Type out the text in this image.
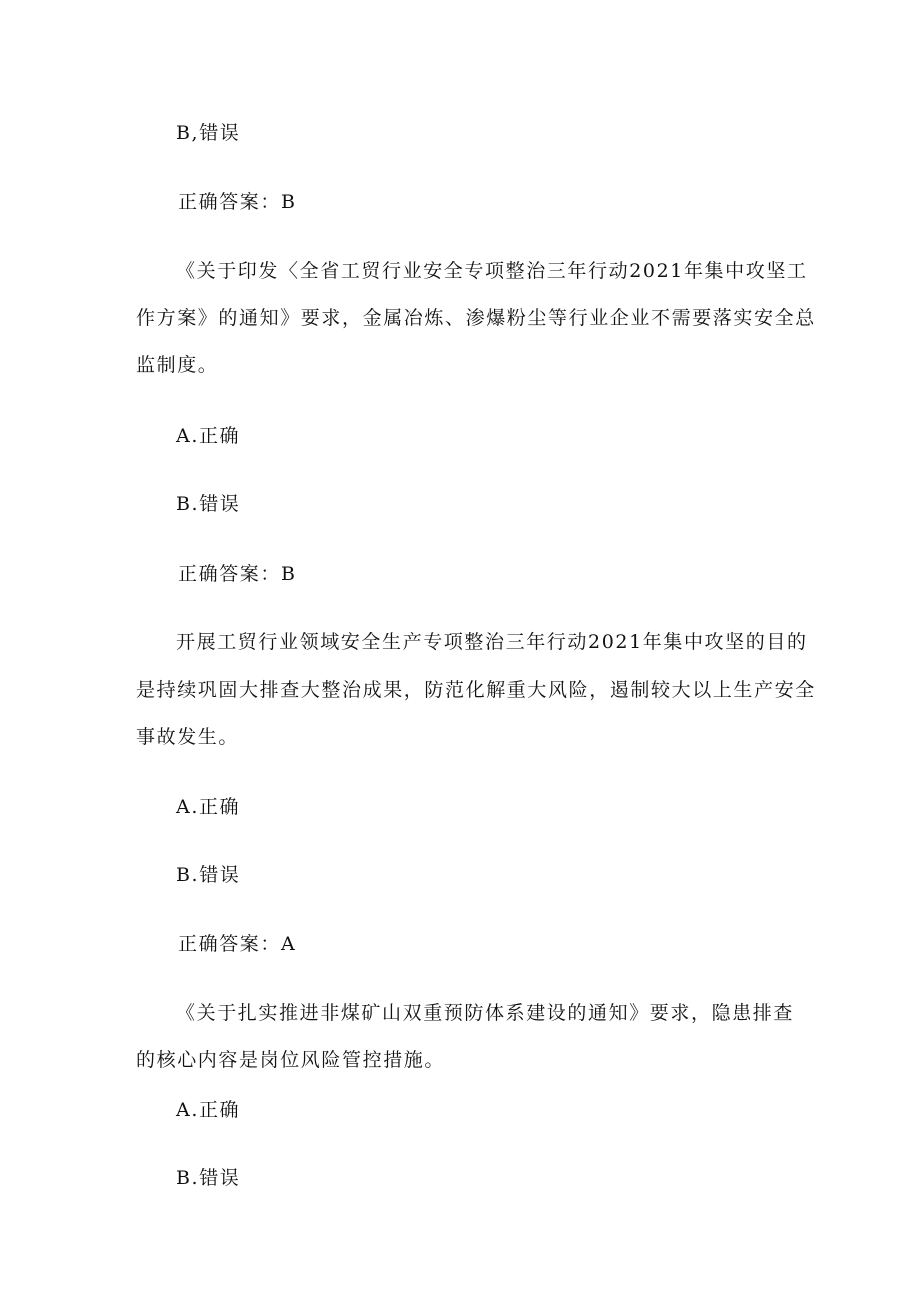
B,错误
正确答案：B
《关于印发〈全省工贸行业安全专项整治三年行动2021年集中攻坚工
作方案》的通知》要求，金属冶炼、渗爆粉尘等行业企业不需要落实安全总
监制度。
A.正确
B.错误
正确答案：B
开展工贸行业领域安全生产专项整治三年行动2021年集中攻坚的目的
是持续巩固大排查大整治成果，防范化解重大风险，遏制较大以上生产安全
事故发生。
A.正确
B.错误
正确答案：A
《关于扎实推进非煤矿山双重预防体系建设的通知》要求，隐患排查
的核心内容是岗位风险管控措施。
A.正确
B.错误
